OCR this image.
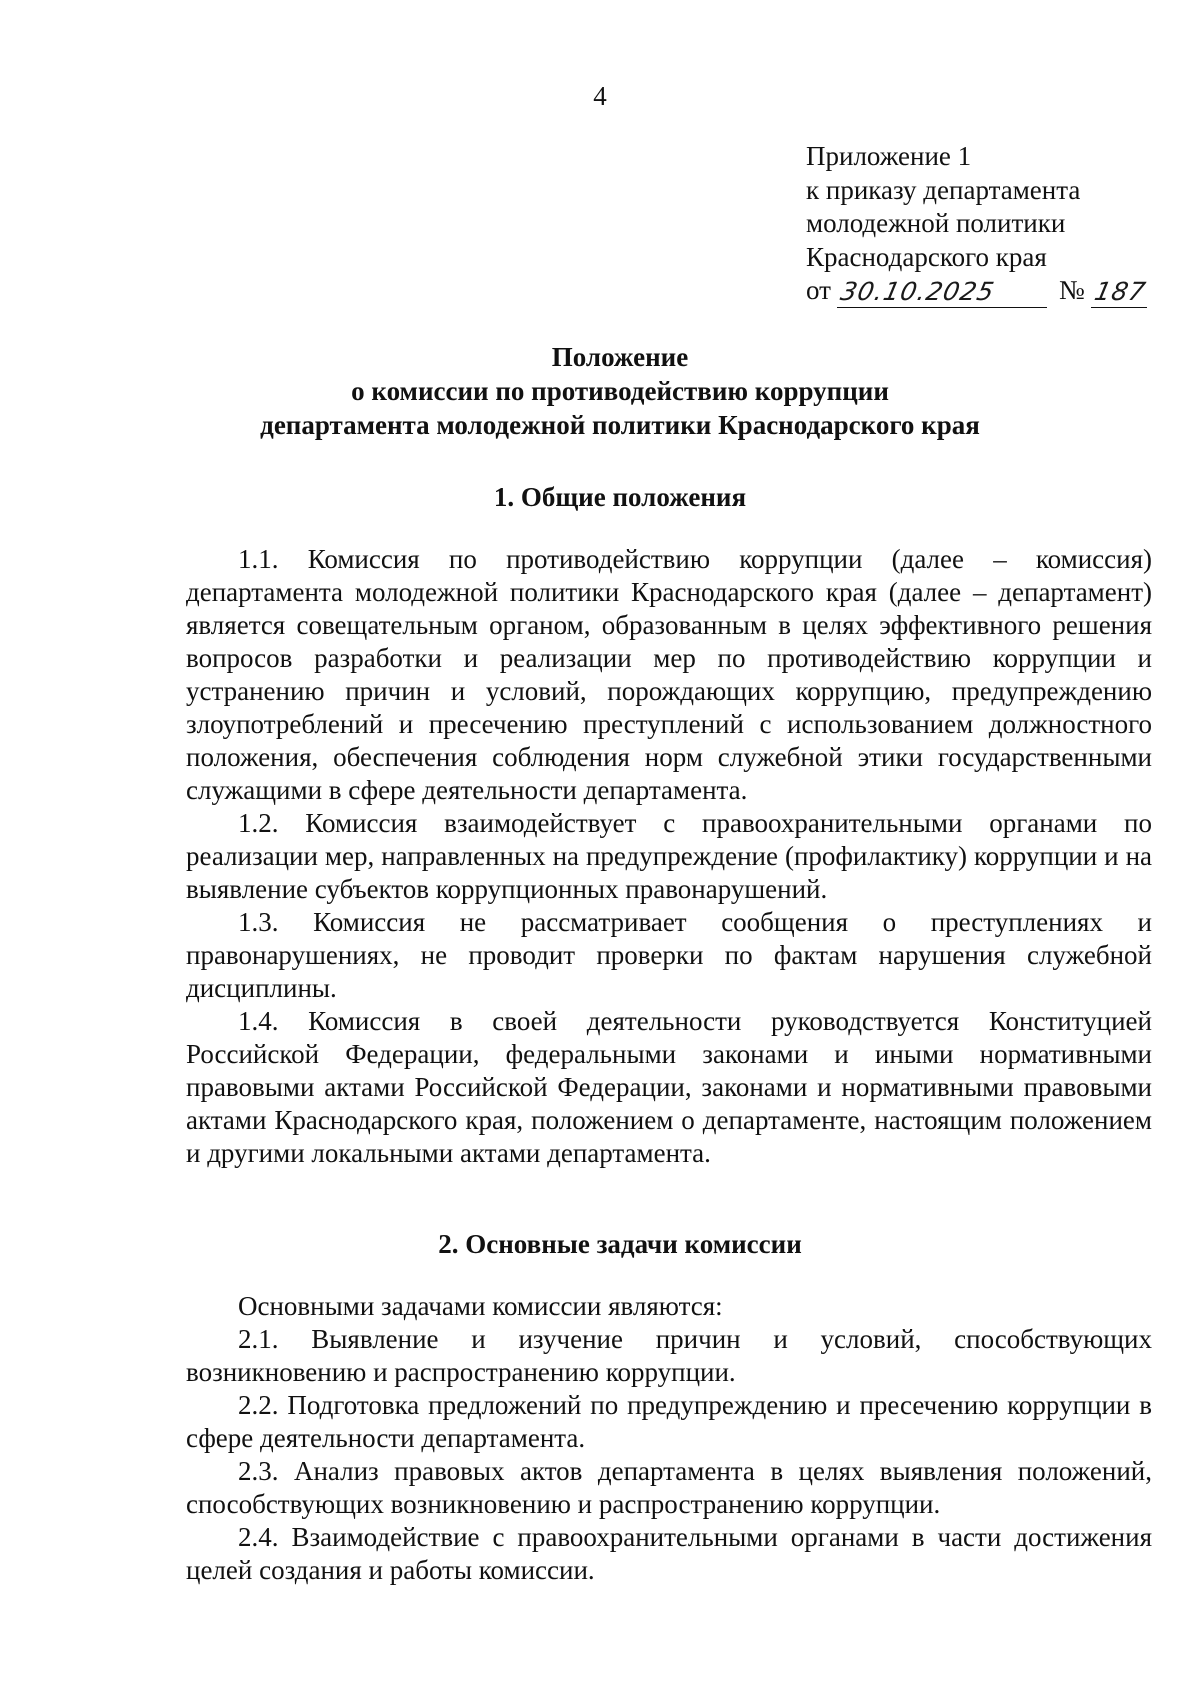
4
Приложение 1
к приказу департамента
молодежной политики
Краснодарского края
от 30.10.2025 № 187
Положение
о комиссии по противодействию коррупции
департамента молодежной политики Краснодарского края
1. Общие положения

1.1. Комиссия по противодействию коррупции (далее – комиссия) департамента молодежной политики Краснодарского края (далее – департамент) является совещательным органом, образованным в целях эффективного решения вопросов разработки и реализации мер по противодействию коррупции и устранению причин и условий, порождающих коррупцию, предупреждению злоупотреблений и пресечению преступлений с использованием должностного положения, обеспечения соблюдения норм служебной этики государственными служащими в сфере деятельности департамента.

1.2. Комиссия взаимодействует с правоохранительными органами по реализации мер, направленных на предупреждение (профилактику) коррупции и на выявление субъектов коррупционных правонарушений.

1.3. Комиссия не рассматривает сообщения о преступлениях и правонарушениях, не проводит проверки по фактам нарушения служебной дисциплины.

1.4. Комиссия в своей деятельности руководствуется Конституцией Российской Федерации, федеральными законами и иными нормативными правовыми актами Российской Федерации, законами и нормативными правовыми актами Краснодарского края, положением о департаменте, настоящим положением и другими локальными актами департамента.

2. Основные задачи комиссии

Основными задачами комиссии являются:

2.1. Выявление и изучение причин и условий, способствующих возникновению и распространению коррупции.

2.2. Подготовка предложений по предупреждению и пресечению коррупции в сфере деятельности департамента.

2.3. Анализ правовых актов департамента в целях выявления положений, способствующих возникновению и распространению коррупции.

2.4. Взаимодействие с правоохранительными органами в части достижения целей создания и работы комиссии.
